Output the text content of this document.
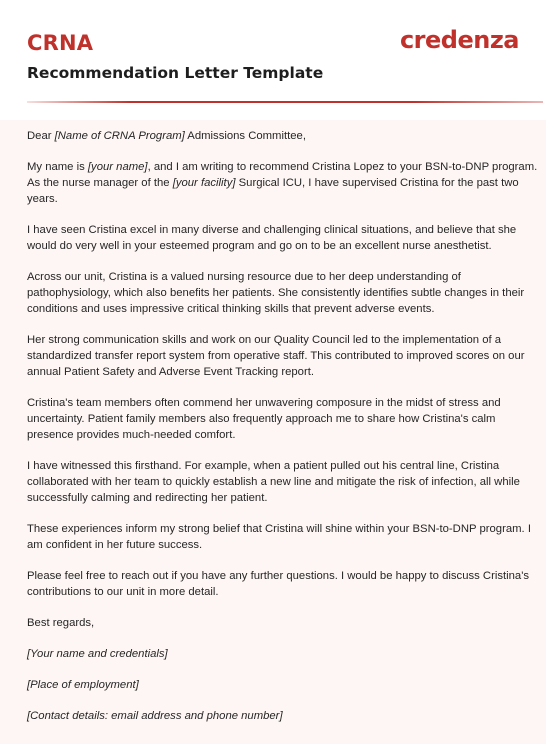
CRNA
Recommendation Letter Template
credenza

Dear [Name of CRNA Program] Admissions Committee,

My name is [your name], and I am writing to recommend Cristina Lopez to your BSN-to-DNP program. As the nurse manager of the [your facility] Surgical ICU, I have supervised Cristina for the past two years.

I have seen Cristina excel in many diverse and challenging clinical situations, and believe that she would do very well in your esteemed program and go on to be an excellent nurse anesthetist.

Across our unit, Cristina is a valued nursing resource due to her deep understanding of pathophysiology, which also benefits her patients. She consistently identifies subtle changes in their conditions and uses impressive critical thinking skills that prevent adverse events.

Her strong communication skills and work on our Quality Council led to the implementation of a standardized transfer report system from operative staff. This contributed to improved scores on our annual Patient Safety and Adverse Event Tracking report.

Cristina's team members often commend her unwavering composure in the midst of stress and uncertainty. Patient family members also frequently approach me to share how Cristina's calm presence provides much-needed comfort.

I have witnessed this firsthand. For example, when a patient pulled out his central line, Cristina collaborated with her team to quickly establish a new line and mitigate the risk of infection, all while successfully calming and redirecting her patient.

These experiences inform my strong belief that Cristina will shine within your BSN-to-DNP program. I am confident in her future success.

Please feel free to reach out if you have any further questions. I would be happy to discuss Cristina's contributions to our unit in more detail.

Best regards,

[Your name and credentials]

[Place of employment]

[Contact details: email address and phone number]
